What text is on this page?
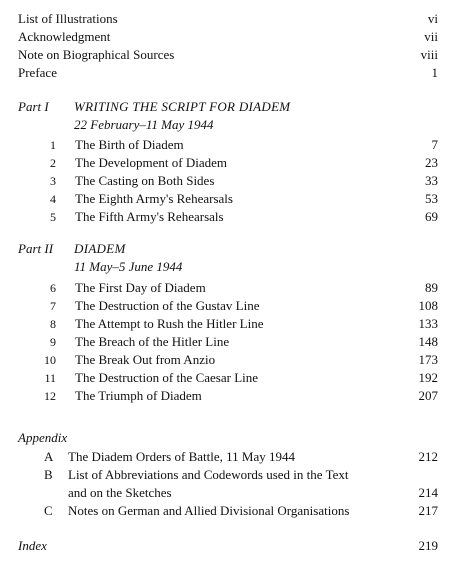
List of Illustrations	vi
Acknowledgment	vii
Note on Biographical Sources	viii
Preface	1
Part I WRITING THE SCRIPT FOR DIADEM
22 February–11 May 1944
1 The Birth of Diadem	7
2 The Development of Diadem	23
3 The Casting on Both Sides	33
4 The Eighth Army's Rehearsals	53
5 The Fifth Army's Rehearsals	69
Part II DIADEM
11 May–5 June 1944
6 The First Day of Diadem	89
7 The Destruction of the Gustav Line	108
8 The Attempt to Rush the Hitler Line	133
9 The Breach of the Hitler Line	148
10 The Break Out from Anzio	173
11 The Destruction of the Caesar Line	192
12 The Triumph of Diadem	207
Appendix
A The Diadem Orders of Battle, 11 May 1944	212
B List of Abbreviations and Codewords used in the Text
and on the Sketches	214
C Notes on German and Allied Divisional Organisations	217
Index	219
